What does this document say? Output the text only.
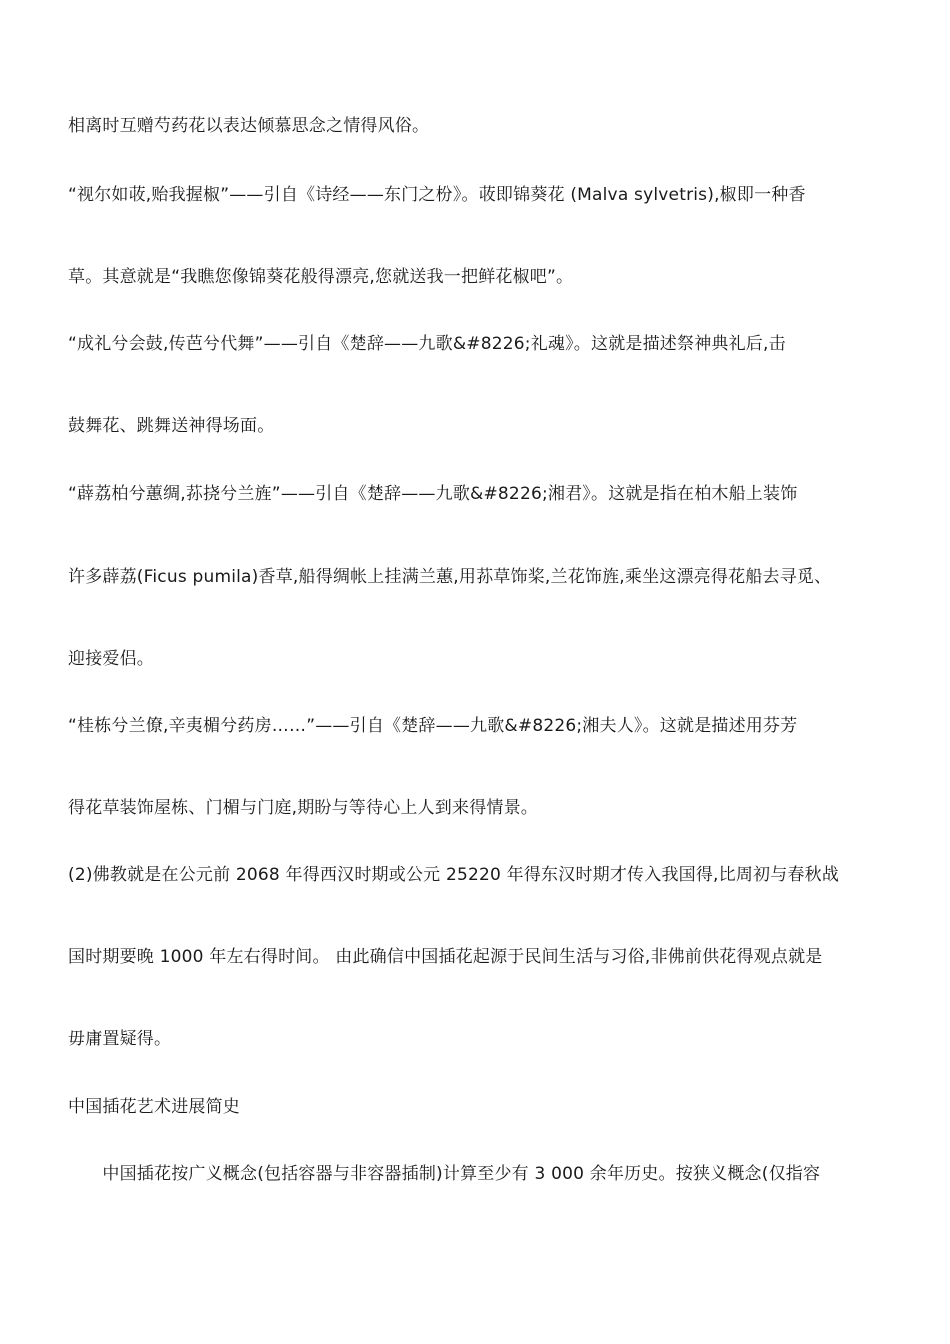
相离时互赠芍药花以表达倾慕思念之情得风俗。
“视尔如荍,贻我握椒”——引自《诗经——东门之枌》。荍即锦葵花 (Malva sylvetris),椒即一种香
草。其意就是“我瞧您像锦葵花般得漂亮,您就送我一把鲜花椒吧”。
“成礼兮会鼓,传芭兮代舞”——引自《楚辞——九歌&#8226;礼魂》。这就是描述祭神典礼后,击
鼓舞花、跳舞送神得场面。
“薜荔柏兮蕙绸,荪挠兮兰旌”——引自《楚辞——九歌&#8226;湘君》。这就是指在柏木船上装饰
许多薜荔(Ficus pumila)香草,船得绸帐上挂满兰蕙,用荪草饰桨,兰花饰旌,乘坐这漂亮得花船去寻觅、
迎接爱侣。
“桂栋兮兰僚,辛夷楣兮药房……”——引自《楚辞——九歌&#8226;湘夫人》。这就是描述用芬芳
得花草装饰屋栋、门楣与门庭,期盼与等待心上人到来得情景。
(2)佛教就是在公元前 2068 年得西汉时期或公元 25220 年得东汉时期才传入我国得,比周初与春秋战
国时期要晚 1000 年左右得时间。 由此确信中国插花起源于民间生活与习俗,非佛前供花得观点就是
毋庸置疑得。
中国插花艺术进展简史
　　中国插花按广义概念(包括容器与非容器插制)计算至少有 3 000 余年历史。按狭义概念(仅指容
